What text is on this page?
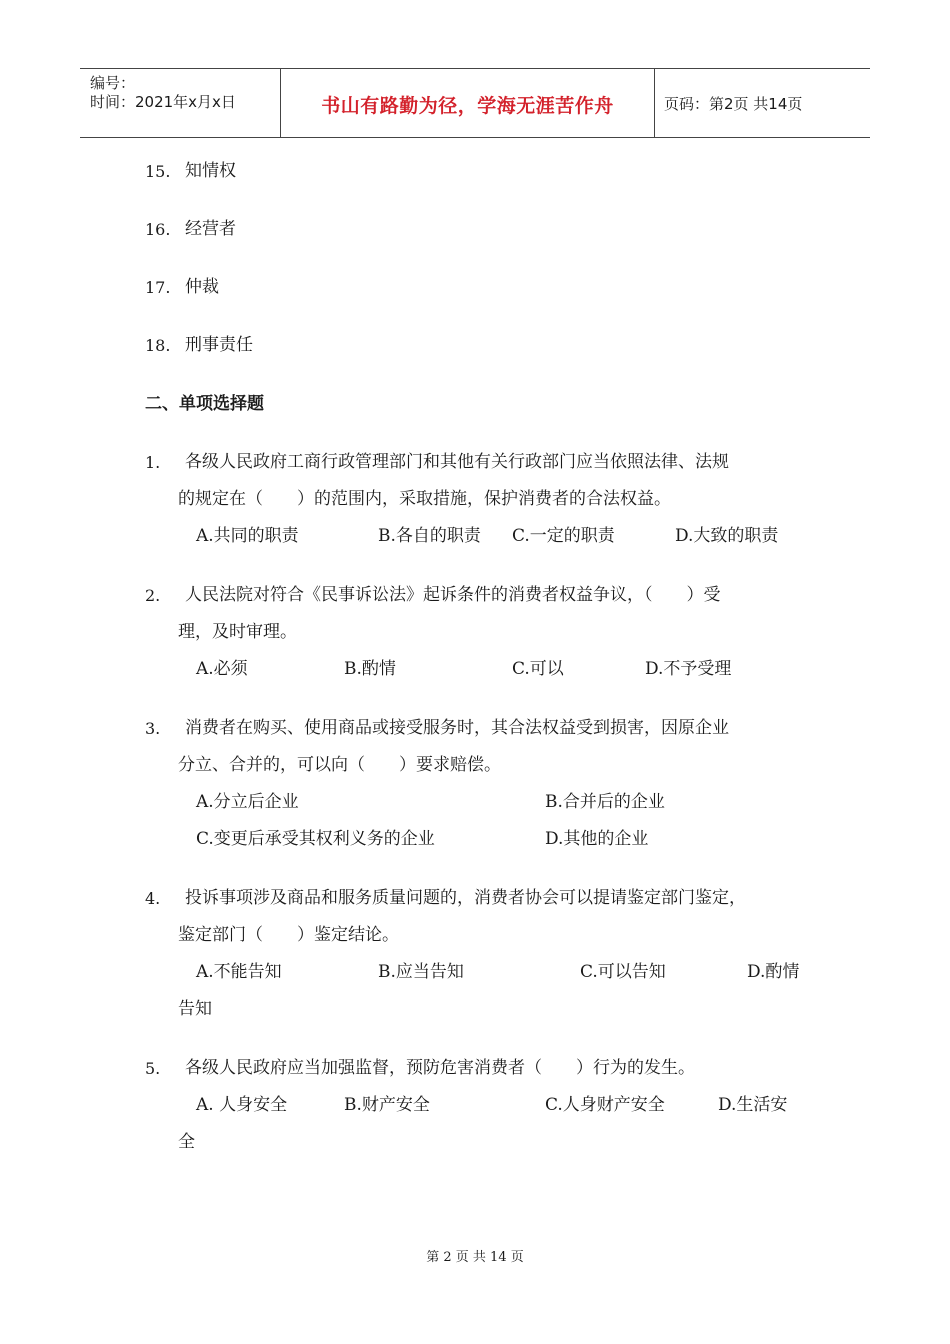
编号：
时间：2021年x月x日	书山有路勤为径，学海无涯苦作舟	页码：第2页 共14页
15. 知情权
16. 经营者
17. 仲裁
18. 刑事责任
二、单项选择题
1. 各级人民政府工商行政管理部门和其他有关行政部门应当依照法律、法规
的规定在（　　）的范围内，采取措施，保护消费者的合法权益。
A.共同的职责	B.各自的职责 C.一定的职责	D.大致的职责
2. 人民法院对符合《民事诉讼法》起诉条件的消费者权益争议，（　　）受
理，及时审理。
A.必须	B.酌情	C.可以	D.不予受理
3. 消费者在购买、使用商品或接受服务时，其合法权益受到损害，因原企业
分立、合并的，可以向（　　）要求赔偿。
A.分立后企业	B.合并后的企业
C.变更后承受其权利义务的企业	D.其他的企业
4. 投诉事项涉及商品和服务质量问题的，消费者协会可以提请鉴定部门鉴定，
鉴定部门（　　）鉴定结论。
A.不能告知	B.应当告知	C.可以告知	D.酌情
告知
5. 各级人民政府应当加强监督，预防危害消费者（　　）行为的发生。
A. 人身安全	B.财产安全	C.人身财产安全	D.生活安
全
第 2 页 共 14 页
